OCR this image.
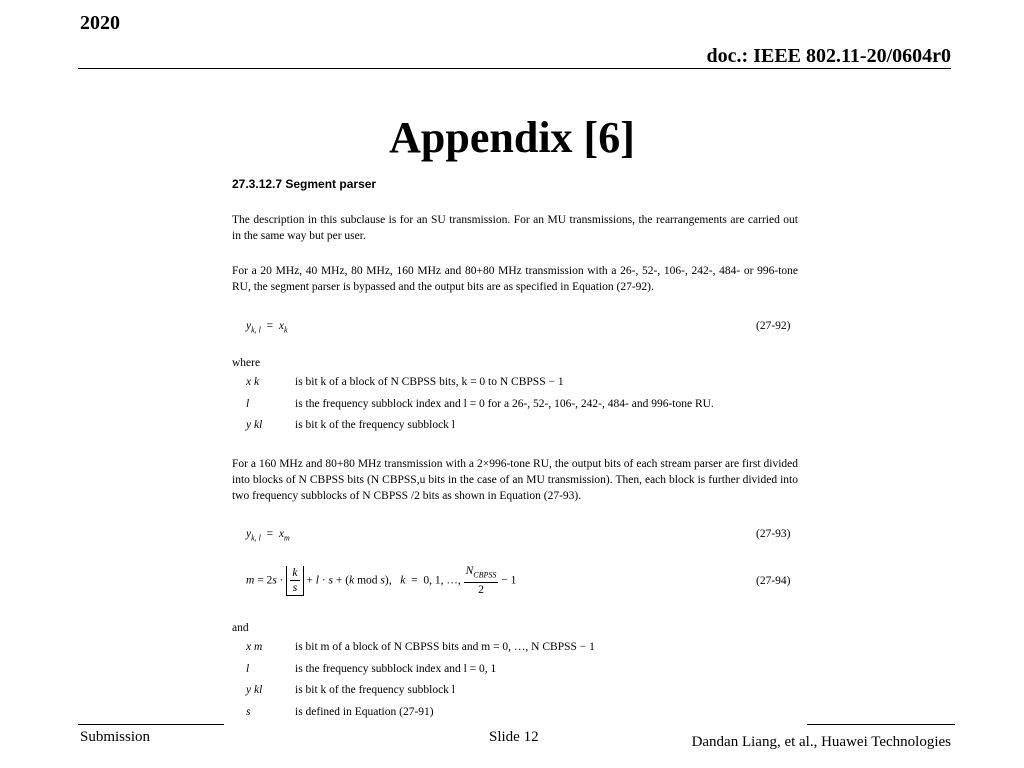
2020
doc.: IEEE 802.11-20/0604r0
Appendix [6]
27.3.12.7 Segment parser
The description in this subclause is for an SU transmission. For an MU transmissions, the rearrangements are carried out in the same way but per user.
For a 20 MHz, 40 MHz, 80 MHz, 160 MHz and 80+80 MHz transmission with a 26-, 52-, 106-, 242-, 484- or 996-tone RU, the segment parser is bypassed and the output bits are as specified in Equation (27-92).
$y_{k, l} = x_k$	(27-92)
where
x k	is bit k of a block of N CBPSS bits, k = 0 to N CBPSS − 1
l	is the frequency subblock index and l = 0 for a 26-, 52-, 106-, 242-, 484- and 996-tone RU.
y kl	is bit k of the frequency subblock l
For a 160 MHz and 80+80 MHz transmission with a 2×996-tone RU, the output bits of each stream parser are first divided into blocks of N CBPSS bits (N CBPSS,u bits in the case of an MU transmission). Then, each block is further divided into two frequency subblocks of N CBPSS /2 bits as shown in Equation (27-93).
$y_{k, l} = x_m$	(27-93)
$m = 2s \cdot \frac{k}{s} + l \cdot s + (k$ mod s),   k  =  0, 1, …, $\frac{N_{CBPSS}}{2} - 1$	(27-94)
and
x m	is bit m of a block of N CBPSS bits and m = 0, …, N CBPSS − 1
l	is the frequency subblock index and l = 0, 1
y kl	is bit k of the frequency subblock l
s	is defined in Equation (27-91)
Submission	Slide 12	Dandan Liang, et al., Huawei Technologies
